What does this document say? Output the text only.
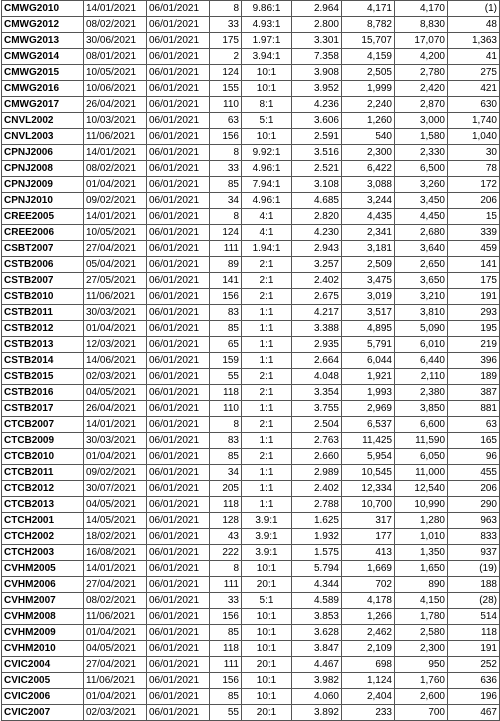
CMWG2010	14/01/2021	06/01/2021	8	9.86:1	2.964	4,171	4,170	(1)
CMWG2012	08/02/2021	06/01/2021	33	4.93:1	2.800	8,782	8,830	48
CMWG2013	30/06/2021	06/01/2021	175	1.97:1	3.301	15,707	17,070	1,363
CMWG2014	08/01/2021	06/01/2021	2	3.94:1	7.358	4,159	4,200	41
CMWG2015	10/05/2021	06/01/2021	124	10:1	3.908	2,505	2,780	275
CMWG2016	10/06/2021	06/01/2021	155	10:1	3.952	1,999	2,420	421
CMWG2017	26/04/2021	06/01/2021	110	8:1	4.236	2,240	2,870	630
CNVL2002	10/03/2021	06/01/2021	63	5:1	3.606	1,260	3,000	1,740
CNVL2003	11/06/2021	06/01/2021	156	10:1	2.591	540	1,580	1,040
CPNJ2006	14/01/2021	06/01/2021	8	9.92:1	3.516	2,300	2,330	30
CPNJ2008	08/02/2021	06/01/2021	33	4.96:1	2.521	6,422	6,500	78
CPNJ2009	01/04/2021	06/01/2021	85	7.94:1	3.108	3,088	3,260	172
CPNJ2010	09/02/2021	06/01/2021	34	4.96:1	4.685	3,244	3,450	206
CREE2005	14/01/2021	06/01/2021	8	4:1	2.820	4,435	4,450	15
CREE2006	10/05/2021	06/01/2021	124	4:1	4.230	2,341	2,680	339
CSBT2007	27/04/2021	06/01/2021	111	1.94:1	2.943	3,181	3,640	459
CSTB2006	05/04/2021	06/01/2021	89	2:1	3.257	2,509	2,650	141
CSTB2007	27/05/2021	06/01/2021	141	2:1	2.402	3,475	3,650	175
CSTB2010	11/06/2021	06/01/2021	156	2:1	2.675	3,019	3,210	191
CSTB2011	30/03/2021	06/01/2021	83	1:1	4.217	3,517	3,810	293
CSTB2012	01/04/2021	06/01/2021	85	1:1	3.388	4,895	5,090	195
CSTB2013	12/03/2021	06/01/2021	65	1:1	2.935	5,791	6,010	219
CSTB2014	14/06/2021	06/01/2021	159	1:1	2.664	6,044	6,440	396
CSTB2015	02/03/2021	06/01/2021	55	2:1	4.048	1,921	2,110	189
CSTB2016	04/05/2021	06/01/2021	118	2:1	3.354	1,993	2,380	387
CSTB2017	26/04/2021	06/01/2021	110	1:1	3.755	2,969	3,850	881
CTCB2007	14/01/2021	06/01/2021	8	2:1	2.504	6,537	6,600	63
CTCB2009	30/03/2021	06/01/2021	83	1:1	2.763	11,425	11,590	165
CTCB2010	01/04/2021	06/01/2021	85	2:1	2.660	5,954	6,050	96
CTCB2011	09/02/2021	06/01/2021	34	1:1	2.989	10,545	11,000	455
CTCB2012	30/07/2021	06/01/2021	205	1:1	2.402	12,334	12,540	206
CTCB2013	04/05/2021	06/01/2021	118	1:1	2.788	10,700	10,990	290
CTCH2001	14/05/2021	06/01/2021	128	3.9:1	1.625	317	1,280	963
CTCH2002	18/02/2021	06/01/2021	43	3.9:1	1.932	177	1,010	833
CTCH2003	16/08/2021	06/01/2021	222	3.9:1	1.575	413	1,350	937
CVHM2005	14/01/2021	06/01/2021	8	10:1	5.794	1,669	1,650	(19)
CVHM2006	27/04/2021	06/01/2021	111	20:1	4.344	702	890	188
CVHM2007	08/02/2021	06/01/2021	33	5:1	4.589	4,178	4,150	(28)
CVHM2008	11/06/2021	06/01/2021	156	10:1	3.853	1,266	1,780	514
CVHM2009	01/04/2021	06/01/2021	85	10:1	3.628	2,462	2,580	118
CVHM2010	04/05/2021	06/01/2021	118	10:1	3.847	2,109	2,300	191
CVIC2004	27/04/2021	06/01/2021	111	20:1	4.467	698	950	252
CVIC2005	11/06/2021	06/01/2021	156	10:1	3.982	1,124	1,760	636
CVIC2006	01/04/2021	06/01/2021	85	10:1	4.060	2,404	2,600	196
CVIC2007	02/03/2021	06/01/2021	55	20:1	3.892	233	700	467
